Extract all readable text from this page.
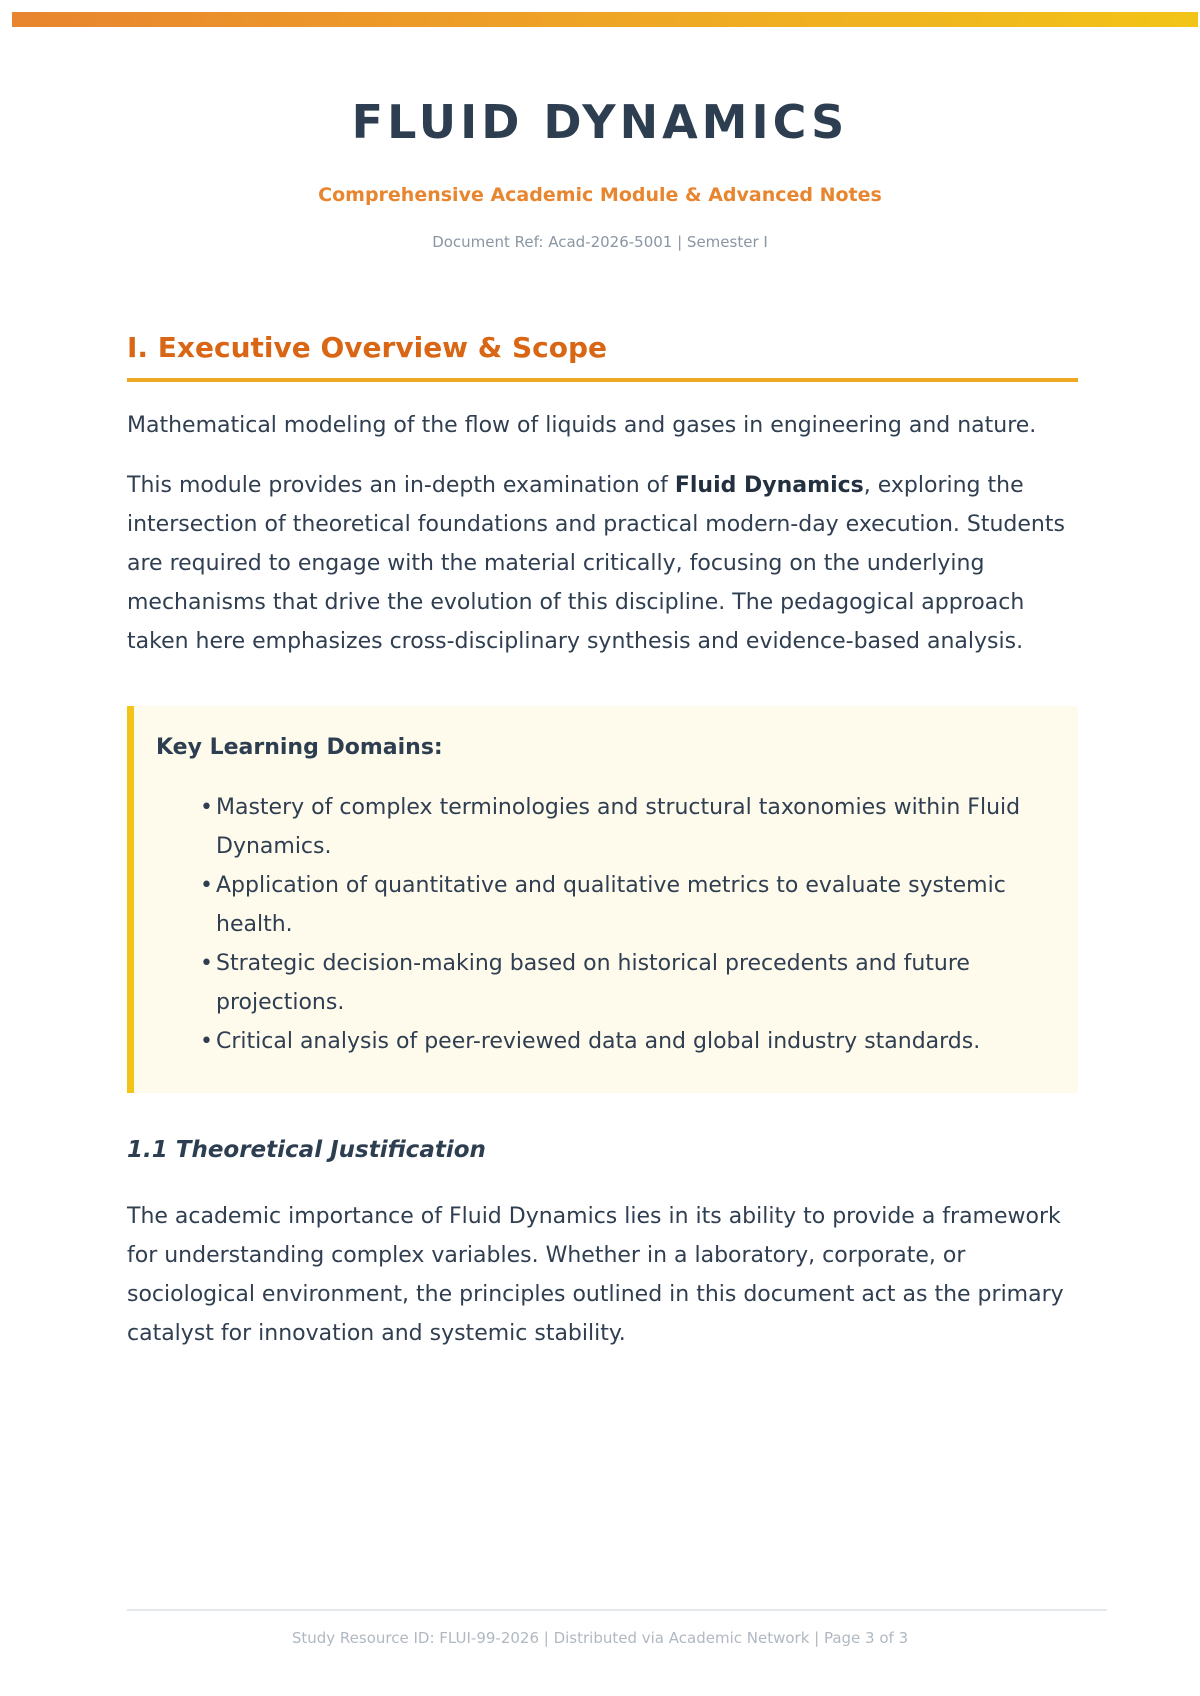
FLUID DYNAMICS
Comprehensive Academic Module & Advanced Notes
Document Ref: Acad-2026-5001 | Semester I
I. Executive Overview & Scope

Mathematical modeling of the flow of liquids and gases in engineering and nature.

This module provides an in-depth examination of Fluid Dynamics, exploring the intersection of theoretical foundations and practical modern-day execution. Students are required to engage with the material critically, focusing on the underlying mechanisms that drive the evolution of this discipline. The pedagogical approach taken here emphasizes cross-disciplinary synthesis and evidence-based analysis.

Key Learning Domains:

• Mastery of complex terminologies and structural taxonomies within Fluid Dynamics.
• Application of quantitative and qualitative metrics to evaluate systemic health.
• Strategic decision-making based on historical precedents and future projections.
• Critical analysis of peer-reviewed data and global industry standards.
1.1 Theoretical Justification

The academic importance of Fluid Dynamics lies in its ability to provide a framework for understanding complex variables. Whether in a laboratory, corporate, or sociological environment, the principles outlined in this document act as the primary catalyst for innovation and systemic stability.

Study Resource ID: FLUI-99-2026 | Distributed via Academic Network | Page 3 of 3
